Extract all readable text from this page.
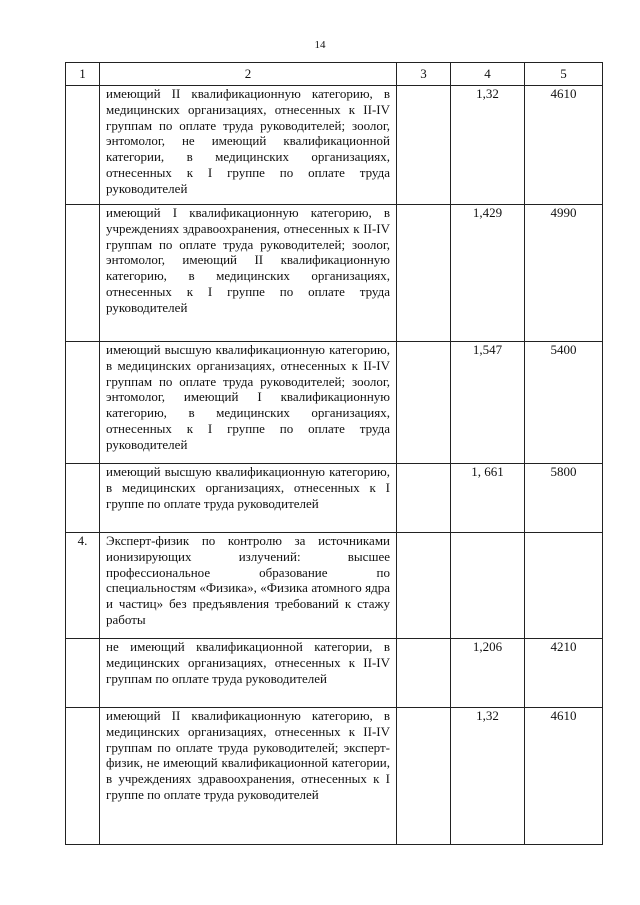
14
1	2	3	4	5
	имеющий II квалификационную категорию, в медицинских организациях, отнесенных к II-IV группам по оплате труда руководителей; зоолог, энтомолог, не имеющий квалификационной категории, в медицинских организациях, отнесенных к I группе по оплате труда руководителей		1,32	4610
	имеющий I квалификационную категорию, в учреждениях здравоохранения, отнесенных к II-IV группам по оплате труда руководителей; зоолог, энтомолог, имеющий II квалификационную категорию, в медицинских организациях, отнесенных к I группе по оплате труда руководителей		1,429	4990
	имеющий высшую квалификационную категорию, в медицинских организациях, отнесенных к II-IV группам по оплате труда руководителей; зоолог, энтомолог, имеющий I квалификационную категорию, в медицинских организациях, отнесенных к I группе по оплате труда руководителей		1,547	5400
	имеющий высшую квалификационную категорию, в медицинских организациях, отнесенных к I группе по оплате труда руководителей		1, 661	5800
4.	Эксперт-физик по контролю за источниками ионизирующих излучений: высшее профессиональное образование по специальностям «Физика», «Физика атомного ядра и частиц» без предъявления требований к стажу работы			
	не имеющий квалификационной категории, в медицинских организациях, отнесенных к II-IV группам по оплате труда руководителей		1,206	4210
	имеющий II квалификационную категорию, в медицинских организациях, отнесенных к II-IV группам по оплате труда руководителей; эксперт-физик, не имеющий квалификационной категории, в учреждениях здравоохранения, отнесенных к I группе по оплате труда руководителей		1,32	4610
